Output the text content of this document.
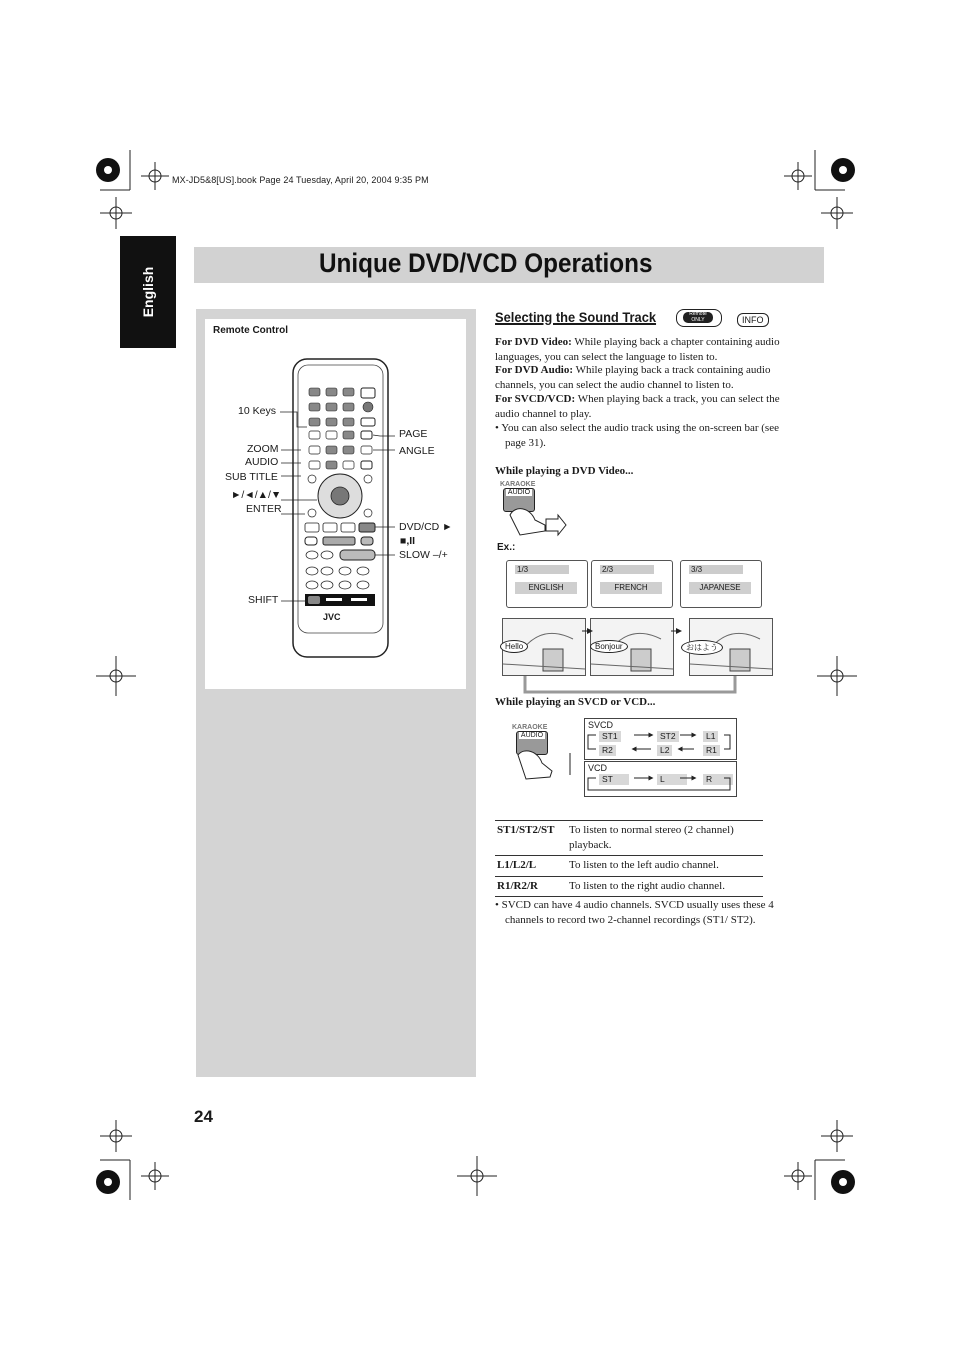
MX-JD5&8[US].book Page 24 Tuesday, April 20, 2004 9:35 PM
English
Unique DVD/VCD Operations
Remote Control
10 Keys
ZOOM
AUDIO
SUB TITLE
►/◄/▲/▼
ENTER
SHIFT
PAGE
ANGLE
DVD/CD ►
■,II
SLOW –/+
JVC
Selecting the Sound Track	Remote ONLY	INFO
For DVD Video: While playing back a chapter containing audio languages, you can select the language to listen to.
For DVD Audio: While playing back a track containing audio channels, you can select the audio channel to listen to.
For SVCD/VCD: When playing back a track, you can select the audio channel to play.
• You can also select the audio track using the on-screen bar (see page 31).
While playing a DVD Video...
KARAOKE
AUDIO
Ex.:
1/3
ENGLISH
2/3
FRENCH
3/3
JAPANESE
Hello	Bonjour	おはよう
While playing an SVCD or VCD...
KARAOKE
AUDIO
SVCD
ST1	ST2	L1
R2	L2	R1
VCD
ST	L	R
ST1/ST2/ST	To listen to normal stereo (2 channel) playback.
L1/L2/L	To listen to the left audio channel.
R1/R2/R	To listen to the right audio channel.
• SVCD can have 4 audio channels. SVCD usually uses these 4 channels to record two 2-channel recordings (ST1/ ST2).
24
